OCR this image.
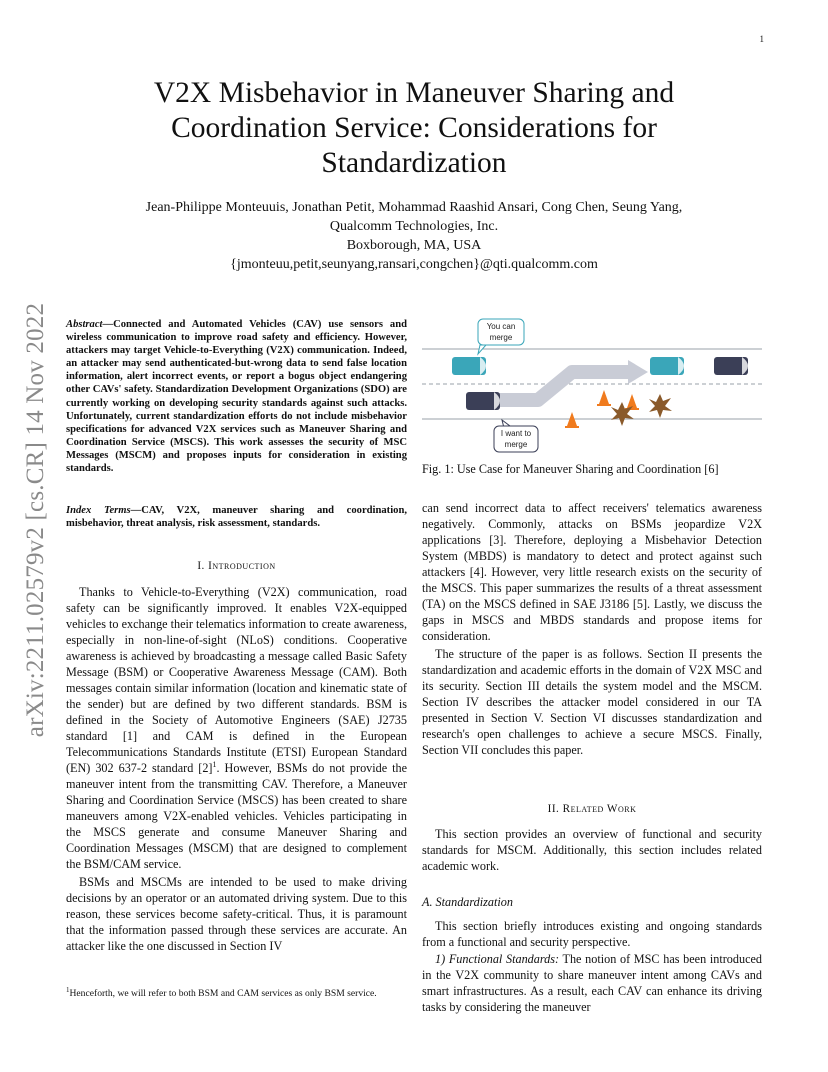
1
arXiv:2211.02579v2 [cs.CR] 14 Nov 2022
V2X Misbehavior in Maneuver Sharing and
Coordination Service: Considerations for
Standardization
Jean-Philippe Monteuuis, Jonathan Petit, Mohammad Raashid Ansari, Cong Chen, Seung Yang,
Qualcomm Technologies, Inc.
Boxborough, MA, USA
{jmonteuu,petit,seunyang,ransari,congchen}@qti.qualcomm.com
Abstract—Connected and Automated Vehicles (CAV) use sensors and wireless communication to improve road safety and efficiency. However, attackers may target Vehicle-to-Everything (V2X) communication. Indeed, an attacker may send authenticated-but-wrong data to send false location information, alert incorrect events, or report a bogus object endangering other CAVs' safety. Standardization Development Organizations (SDO) are currently working on developing security standards against such attacks. Unfortunately, current standardization efforts do not include misbehavior specifications for advanced V2X services such as Maneuver Sharing and Coordination Service (MSCS). This work assesses the security of MSC Messages (MSCM) and proposes inputs for consideration in existing standards.
Index Terms—CAV, V2X, maneuver sharing and coordination, misbehavior, threat analysis, risk assessment, standards.
I. Introduction

Thanks to Vehicle-to-Everything (V2X) communication, road safety can be significantly improved. It enables V2X-equipped vehicles to exchange their telematics information to create awareness, especially in non-line-of-sight (NLoS) conditions. Cooperative awareness is achieved by broadcasting a message called Basic Safety Message (BSM) or Cooperative Awareness Message (CAM). Both messages contain similar information (location and kinematic state of the sender) but are defined by two different standards. BSM is defined in the Society of Automotive Engineers (SAE) J2735 standard [1] and CAM is defined in the European Telecommunications Standards Institute (ETSI) European Standard (EN) 302 637-2 standard $[2]^1$. However, BSMs do not provide the maneuver intent from the transmitting CAV. Therefore, a Maneuver Sharing and Coordination Service (MSCS) has been created to share maneuvers among V2X-enabled vehicles. Vehicles participating in the MSCS generate and consume Maneuver Sharing and Coordination Messages (MSCM) that are designed to complement the BSM/CAM service.

BSMs and MSCMs are intended to be used to make driving decisions by an operator or an automated driving system. Due to this reason, these services become safety-critical. Thus, it is paramount that the information passed through these services are accurate. An attacker like the one discussed in Section IV

$^1$Henceforth, we will refer to both BSM and CAM services as only BSM service.
You can
merge
I want to
merge
Fig. 1: Use Case for Maneuver Sharing and Coordination [6]

can send incorrect data to affect receivers' telematics awareness negatively. Commonly, attacks on BSMs jeopardize V2X applications [3]. Therefore, deploying a Misbehavior Detection System (MBDS) is mandatory to detect and protect against such attackers [4]. However, very little research exists on the security of the MSCS. This paper summarizes the results of a threat assessment (TA) on the MSCS defined in SAE J3186 [5]. Lastly, we discuss the gaps in MSCS and MBDS standards and propose items for consideration.

The structure of the paper is as follows. Section II presents the standardization and academic efforts in the domain of V2X MSC and its security. Section III details the system model and the MSCM. Section IV describes the attacker model considered in our TA presented in Section V. Section VI discusses standardization and research's open challenges to achieve a secure MSCS. Finally, Section VII concludes this paper.

II. Related Work

This section provides an overview of functional and security standards for MSCM. Additionally, this section includes related academic work.

A. Standardization

This section briefly introduces existing and ongoing standards from a functional and security perspective.

1) Functional Standards: The notion of MSC has been introduced in the V2X community to share maneuver intent among CAVs and smart infrastructures. As a result, each CAV can enhance its driving tasks by considering the maneuver
